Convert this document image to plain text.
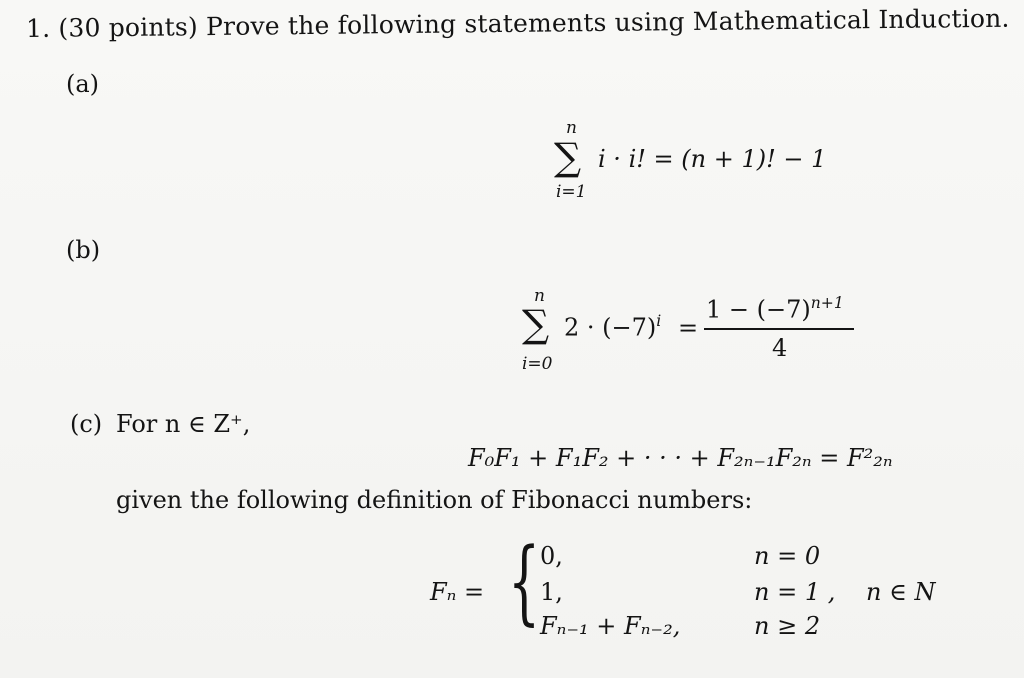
1. (30 points) Prove the following statements using Mathematical Induction.
(a)
n
∑
i=1
i · i! = (n + 1)! − 1
(b)
n
∑
i=0
$2 \cdot (-7)^i$ =
$1 - (-7)^{n+1}$
4
(c) For n ∈ Z⁺,
F₀F₁ + F₁F₂ + · · · + F₂ₙ₋₁F₂ₙ = F²₂ₙ
given the following definition of Fibonacci numbers:
Fₙ = { 0,	n = 0
1,	n = 1 ,
Fₙ₋₁ + Fₙ₋₂,	n ≥ 2
n ∈ N
